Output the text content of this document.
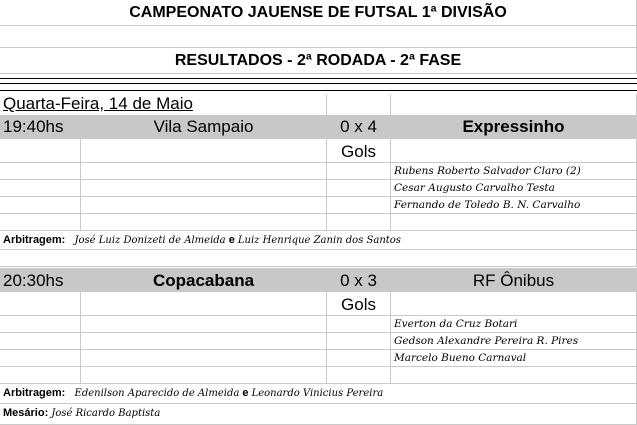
CAMPEONATO JAUENSE DE FUTSAL 1ª DIVISÃO
RESULTADOS - 2ª RODADA - 2ª FASE
Quarta-Feira, 14 de Maio
19:40hs	Vila Sampaio	0 x 4	Expressinho
Gols
Rubens Roberto Salvador Claro (2)
Cesar Augusto Carvalho Testa
Fernando de Toledo B. N. Carvalho
Arbitragem: José Luiz Donizeti de Almeida e Luiz Henrique Zanin dos Santos
20:30hs	Copacabana	0 x 3	RF Ônibus
Gols
Everton da Cruz Botari
Gedson Alexandre Pereira R. Pires
Marcelo Bueno Carnaval
Arbitragem: Edenilson Aparecido de Almeida e Leonardo Vinicius Pereira
Mesário: José Ricardo Baptista
